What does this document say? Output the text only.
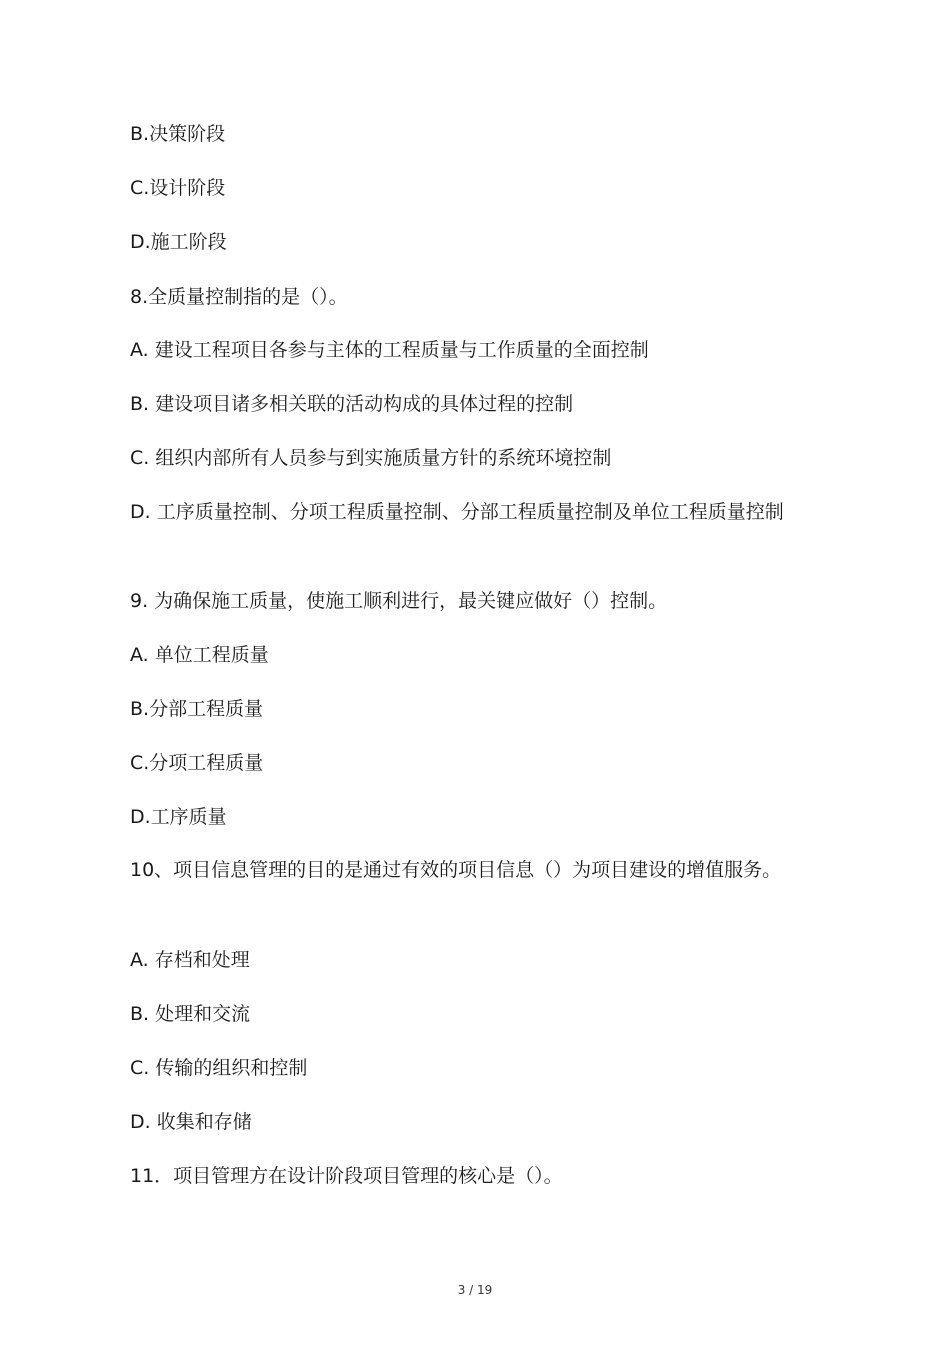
B.决策阶段

C.设计阶段

D.施工阶段

8.全质量控制指的是（）。

A. 建设工程项目各参与主体的工程质量与工作质量的全面控制

B. 建设项目诸多相关联的活动构成的具体过程的控制

C. 组织内部所有人员参与到实施质量方针的系统环境控制

D. 工序质量控制、分项工程质量控制、分部工程质量控制及单位工程质量控制

9. 为确保施工质量，使施工顺利进行，最关键应做好（）控制。

A. 单位工程质量

B.分部工程质量

C.分项工程质量

D.工序质量

10、项目信息管理的目的是通过有效的项目信息（）为项目建设的增值服务。

A. 存档和处理

B. 处理和交流

C. 传输的组织和控制

D. 收集和存储

11．项目管理方在设计阶段项目管理的核心是（）。

3 / 19
